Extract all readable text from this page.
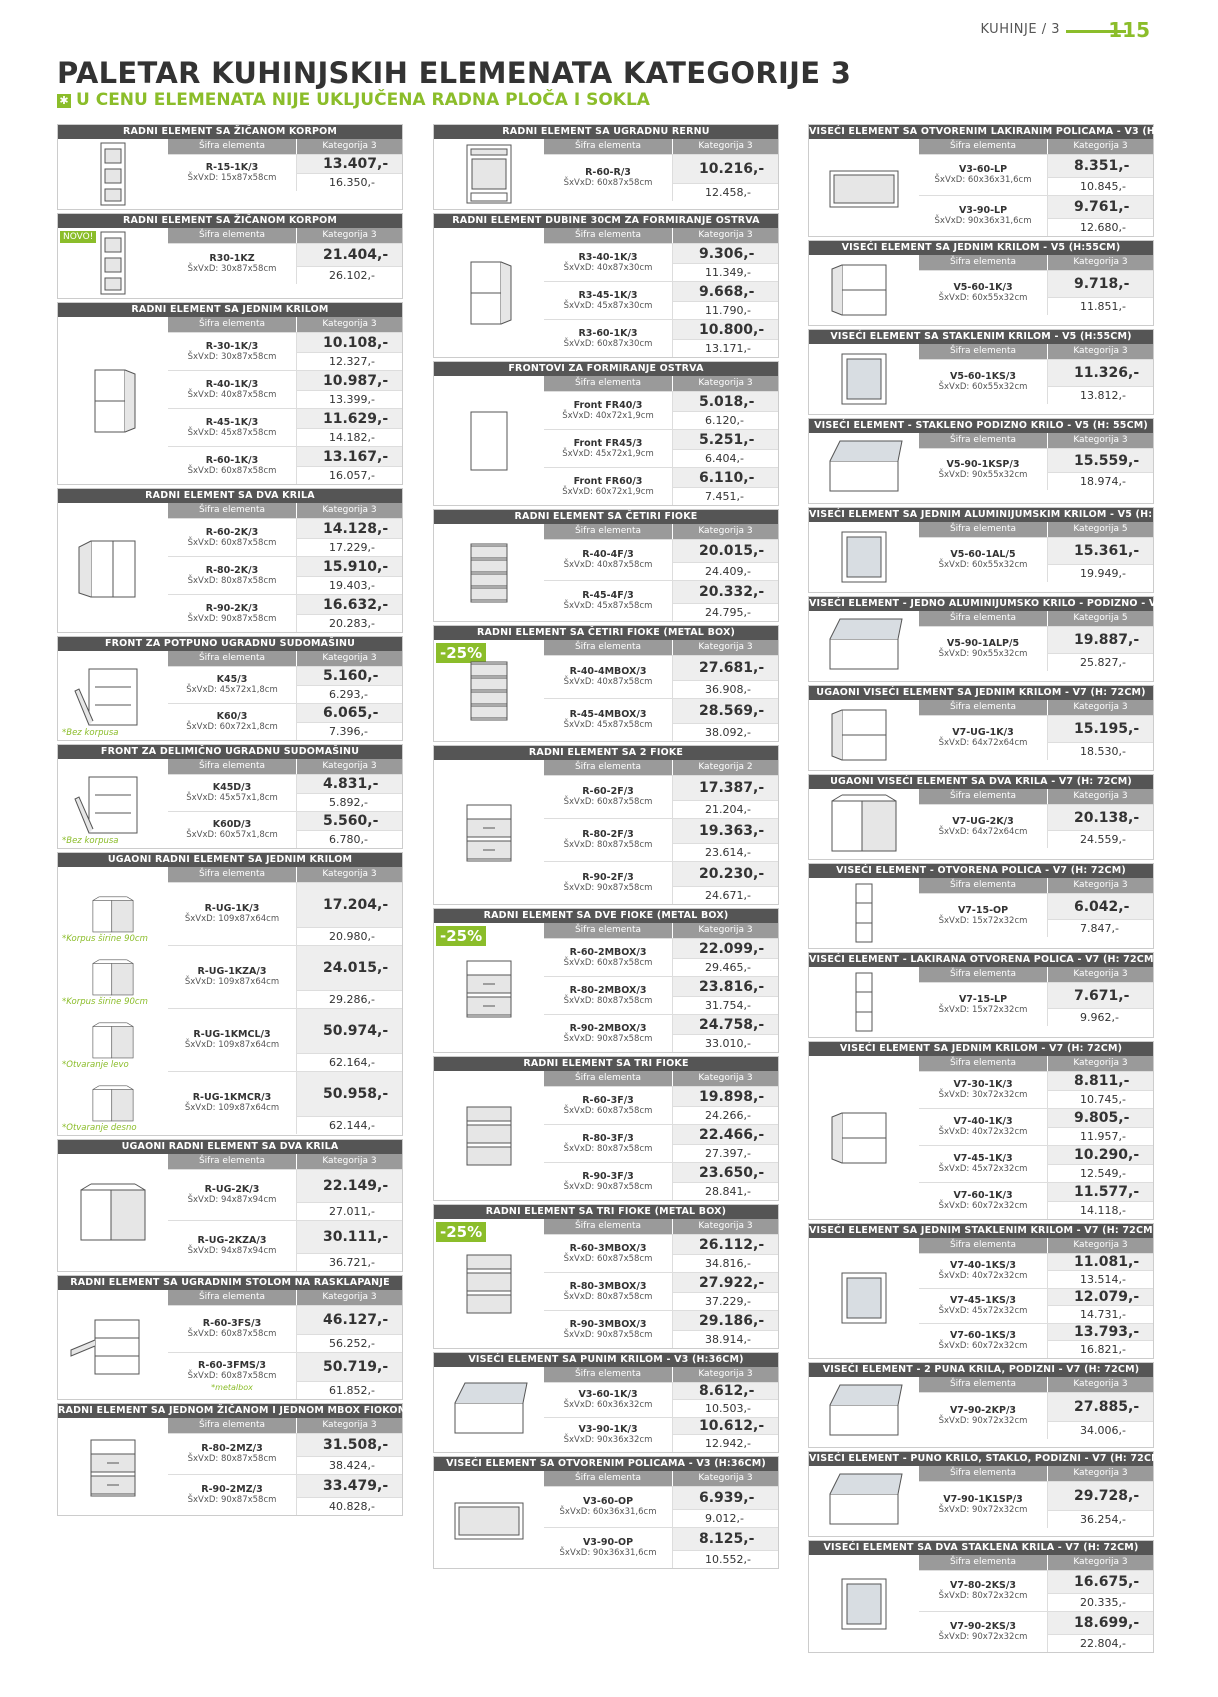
KUHINJE / 3 115
PALETAR KUHINJSKIH ELEMENATA KATEGORIJE 3
✱ U CENU ELEMENATA NIJE UKLJUČENA RADNA PLOČA I SOKLA
RADNI ELEMENT SA ŽIČANOM KORPOM
Šifra elementa	Kategorija 3
R-15-1K/3
ŠxVxD: 15x87x58cm
13.407,-
16.350,-
RADNI ELEMENT SA ŽIČANOM KORPOM
NOVO!	Šifra elementa	Kategorija 3
R30-1KZ
ŠxVxD: 30x87x58cm
21.404,-
26.102,-
RADNI ELEMENT SA JEDNIM KRILOM
Šifra elementa	Kategorija 3
R-30-1K/3
ŠxVxD: 30x87x58cm
10.108,-
12.327,-
R-40-1K/3
ŠxVxD: 40x87x58cm
10.987,-
13.399,-
R-45-1K/3
ŠxVxD: 45x87x58cm
11.629,-
14.182,-
R-60-1K/3
ŠxVxD: 60x87x58cm
13.167,-
16.057,-
RADNI ELEMENT SA DVA KRILA
Šifra elementa	Kategorija 3
R-60-2K/3
ŠxVxD: 60x87x58cm
14.128,-
17.229,-
R-80-2K/3
ŠxVxD: 80x87x58cm
15.910,-
19.403,-
R-90-2K/3
ŠxVxD: 90x87x58cm
16.632,-
20.283,-
FRONT ZA POTPUNO UGRADNU SUDOMAŠINU
*Bez korpusa
Šifra elementa	Kategorija 3
K45/3
ŠxVxD: 45x72x1,8cm
5.160,-
6.293,-
K60/3
ŠxVxD: 60x72x1,8cm
6.065,-
7.396,-
FRONT ZA DELIMIČNO UGRADNU SUDOMAŠINU
*Bez korpusa
Šifra elementa	Kategorija 3
K45D/3
ŠxVxD: 45x57x1,8cm
4.831,-
5.892,-
K60D/3
ŠxVxD: 60x57x1,8cm
5.560,-
6.780,-
UGAONI RADNI ELEMENT SA JEDNIM KRILOM
*Korpus širine 90cm
*Korpus širine 90cm
*Otvaranje levo
*Otvaranje desno
Šifra elementa	Kategorija 3
R-UG-1K/3
ŠxVxD: 109x87x64cm
17.204,-
20.980,-
R-UG-1KZA/3
ŠxVxD: 109x87x64cm
24.015,-
29.286,-
R-UG-1KMCL/3
ŠxVxD: 109x87x64cm
50.974,-
62.164,-
R-UG-1KMCR/3
ŠxVxD: 109x87x64cm
50.958,-
62.144,-
UGAONI RADNI ELEMENT SA DVA KRILA
Šifra elementa	Kategorija 3
R-UG-2K/3
ŠxVxD: 94x87x94cm
22.149,-
27.011,-
R-UG-2KZA/3
ŠxVxD: 94x87x94cm
30.111,-
36.721,-
RADNI ELEMENT SA UGRADNIM STOLOM NA RASKLAPANJE
Šifra elementa	Kategorija 3
R-60-3FS/3
ŠxVxD: 60x87x58cm
46.127,-
56.252,-
R-60-3FMS/3
ŠxVxD: 60x87x58cm
*metalbox
50.719,-
61.852,-
RADNI ELEMENT SA JEDNOM ŽIČANOM I JEDNOM MBOX FIOKOM
Šifra elementa	Kategorija 3
R-80-2MZ/3
ŠxVxD: 80x87x58cm
31.508,-
38.424,-
R-90-2MZ/3
ŠxVxD: 90x87x58cm
33.479,-
40.828,-
RADNI ELEMENT SA UGRADNU RERNU
Šifra elementa	Kategorija 3
R-60-R/3
ŠxVxD: 60x87x58cm
10.216,-
12.458,-
RADNI ELEMENT DUBINE 30CM ZA FORMIRANJE OSTRVA
Šifra elementa	Kategorija 3
R3-40-1K/3
ŠxVxD: 40x87x30cm
9.306,-
11.349,-
R3-45-1K/3
ŠxVxD: 45x87x30cm
9.668,-
11.790,-
R3-60-1K/3
ŠxVxD: 60x87x30cm
10.800,-
13.171,-
FRONTOVI ZA FORMIRANJE OSTRVA
Šifra elementa	Kategorija 3
Front FR40/3
ŠxVxD: 40x72x1,9cm
5.018,-
6.120,-
Front FR45/3
ŠxVxD: 45x72x1,9cm
5.251,-
6.404,-
Front FR60/3
ŠxVxD: 60x72x1,9cm
6.110,-
7.451,-
RADNI ELEMENT SA ČETIRI FIOKE
Šifra elementa	Kategorija 3
R-40-4F/3
ŠxVxD: 40x87x58cm
20.015,-
24.409,-
R-45-4F/3
ŠxVxD: 45x87x58cm
20.332,-
24.795,-
RADNI ELEMENT SA ČETIRI FIOKE (METAL BOX)
-25%	Šifra elementa	Kategorija 3
R-40-4MBOX/3
ŠxVxD: 40x87x58cm
27.681,-
36.908,-
R-45-4MBOX/3
ŠxVxD: 45x87x58cm
28.569,-
38.092,-
RADNI ELEMENT SA 2 FIOKE
Šifra elementa	Kategorija 2
R-60-2F/3
ŠxVxD: 60x87x58cm
17.387,-
21.204,-
R-80-2F/3
ŠxVxD: 80x87x58cm
19.363,-
23.614,-
R-90-2F/3
ŠxVxD: 90x87x58cm
20.230,-
24.671,-
RADNI ELEMENT SA DVE FIOKE (METAL BOX)
-25%	Šifra elementa	Kategorija 3
R-60-2MBOX/3
ŠxVxD: 60x87x58cm
22.099,-
29.465,-
R-80-2MBOX/3
ŠxVxD: 80x87x58cm
23.816,-
31.754,-
R-90-2MBOX/3
ŠxVxD: 90x87x58cm
24.758,-
33.010,-
RADNI ELEMENT SA TRI FIOKE
Šifra elementa	Kategorija 3
R-60-3F/3
ŠxVxD: 60x87x58cm
19.898,-
24.266,-
R-80-3F/3
ŠxVxD: 80x87x58cm
22.466,-
27.397,-
R-90-3F/3
ŠxVxD: 90x87x58cm
23.650,-
28.841,-
RADNI ELEMENT SA TRI FIOKE (METAL BOX)
-25%	Šifra elementa	Kategorija 3
R-60-3MBOX/3
ŠxVxD: 60x87x58cm
26.112,-
34.816,-
R-80-3MBOX/3
ŠxVxD: 80x87x58cm
27.922,-
37.229,-
R-90-3MBOX/3
ŠxVxD: 90x87x58cm
29.186,-
38.914,-
VISEĆI ELEMENT SA PUNIM KRILOM - V3 (H:36CM)
Šifra elementa	Kategorija 3
V3-60-1K/3
ŠxVxD: 60x36x32cm
8.612,-
10.503,-
V3-90-1K/3
ŠxVxD: 90x36x32cm
10.612,-
12.942,-
VISEĆI ELEMENT SA OTVORENIM POLICAMA - V3 (H:36CM)
Šifra elementa	Kategorija 3
V3-60-OP
ŠxVxD: 60x36x31,6cm
6.939,-
9.012,-
V3-90-OP
ŠxVxD: 90x36x31,6cm
8.125,-
10.552,-
VISEĆI ELEMENT SA OTVORENIM LAKIRANIM POLICAMA - V3 (H:36CM)
Šifra elementa	Kategorija 3
V3-60-LP
ŠxVxD: 60x36x31,6cm
8.351,-
10.845,-
V3-90-LP
ŠxVxD: 90x36x31,6cm
9.761,-
12.680,-
VISEĆI ELEMENT SA JEDNIM KRILOM - V5 (H:55CM)
Šifra elementa	Kategorija 3
V5-60-1K/3
ŠxVxD: 60x55x32cm
9.718,-
11.851,-
VISEĆI ELEMENT SA STAKLENIM KRILOM - V5 (H:55CM)
Šifra elementa	Kategorija 3
V5-60-1KS/3
ŠxVxD: 60x55x32cm
11.326,-
13.812,-
VISEĆI ELEMENT - STAKLENO PODIZNO KRILO - V5 (H: 55CM)
Šifra elementa	Kategorija 3
V5-90-1KSP/3
ŠxVxD: 90x55x32cm
15.559,-
18.974,-
VISEĆI ELEMENT SA JEDNIM ALUMINIJUMSKIM KRILOM - V5 (H: 55CM)
Šifra elementa	Kategorija 5
V5-60-1AL/5
ŠxVxD: 60x55x32cm
15.361,-
19.949,-
VISEĆI ELEMENT - JEDNO ALUMINIJUMSKO KRILO - PODIZNO - V5 (H:55CM)
Šifra elementa	Kategorija 5
V5-90-1ALP/5
ŠxVxD: 90x55x32cm
19.887,-
25.827,-
UGAONI VISEĆI ELEMENT SA JEDNIM KRILOM - V7 (H: 72CM)
Šifra elementa	Kategorija 3
V7-UG-1K/3
ŠxVxD: 64x72x64cm
15.195,-
18.530,-
UGAONI VISEĆI ELEMENT SA DVA KRILA - V7 (H: 72CM)
Šifra elementa	Kategorija 3
V7-UG-2K/3
ŠxVxD: 64x72x64cm
20.138,-
24.559,-
VISEĆI ELEMENT - OTVORENA POLICA - V7 (H: 72CM)
Šifra elementa	Kategorija 3
V7-15-OP
ŠxVxD: 15x72x32cm
6.042,-
7.847,-
VISEĆI ELEMENT - LAKIRANA OTVORENA POLICA - V7 (H: 72CM)
Šifra elementa	Kategorija 3
V7-15-LP
ŠxVxD: 15x72x32cm
7.671,-
9.962,-
VISEĆI ELEMENT SA JEDNIM KRILOM - V7 (H: 72CM)
Šifra elementa	Kategorija 3
V7-30-1K/3
ŠxVxD: 30x72x32cm
8.811,-
10.745,-
V7-40-1K/3
ŠxVxD: 40x72x32cm
9.805,-
11.957,-
V7-45-1K/3
ŠxVxD: 45x72x32cm
10.290,-
12.549,-
V7-60-1K/3
ŠxVxD: 60x72x32cm
11.577,-
14.118,-
VISEĆI ELEMENT SA JEDNIM STAKLENIM KRILOM - V7 (H: 72CM)
Šifra elementa	Kategorija 3
V7-40-1KS/3
ŠxVxD: 40x72x32cm
11.081,-
13.514,-
V7-45-1KS/3
ŠxVxD: 45x72x32cm
12.079,-
14.731,-
V7-60-1KS/3
ŠxVxD: 60x72x32cm
13.793,-
16.821,-
VISEĆI ELEMENT - 2 PUNA KRILA, PODIZNI - V7 (H: 72CM)
Šifra elementa	Kategorija 3
V7-90-2KP/3
ŠxVxD: 90x72x32cm
27.885,-
34.006,-
VISEĆI ELEMENT - PUNO KRILO, STAKLO, PODIZNI - V7 (H: 72CM)
Šifra elementa	Kategorija 3
V7-90-1K1SP/3
ŠxVxD: 90x72x32cm
29.728,-
36.254,-
VISEĆI ELEMENT SA DVA STAKLENA KRILA - V7 (H: 72CM)
Šifra elementa	Kategorija 3
V7-80-2KS/3
ŠxVxD: 80x72x32cm
16.675,-
20.335,-
V7-90-2KS/3
ŠxVxD: 90x72x32cm
18.699,-
22.804,-
